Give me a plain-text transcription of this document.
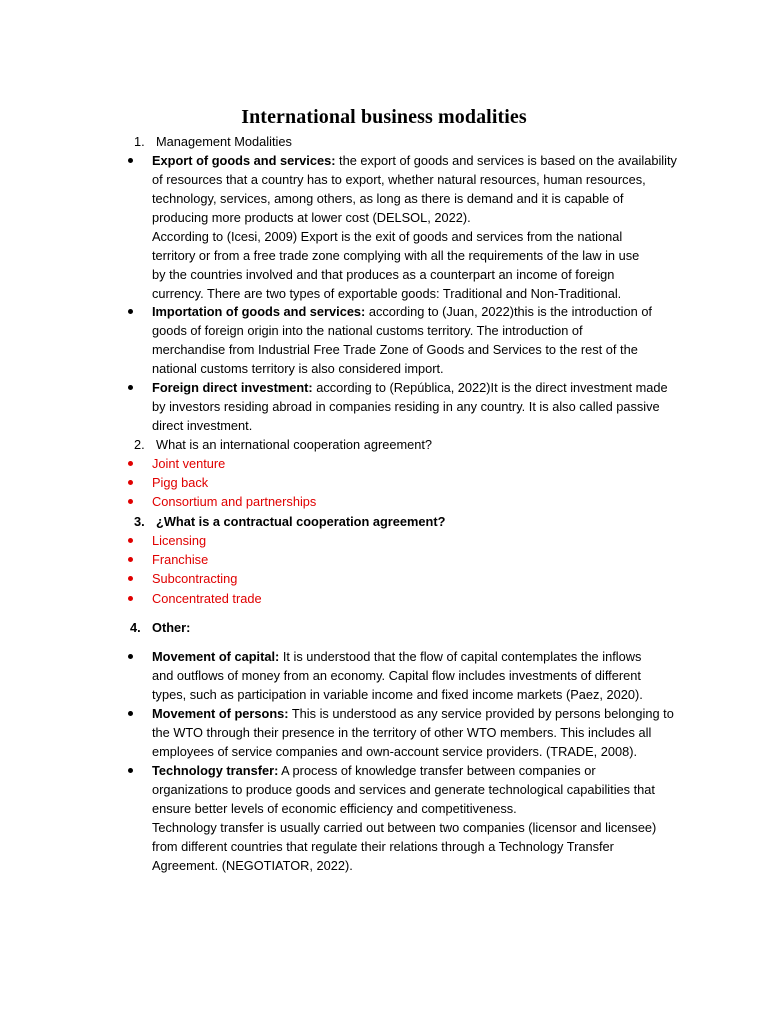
International business modalities
1. Management Modalities
Export of goods and services: the export of goods and services is based on the availability
of resources that a country has to export, whether natural resources, human resources,
technology, services, among others, as long as there is demand and it is capable of
producing more products at lower cost (DELSOL, 2022).
According to (Icesi, 2009) Export is the exit of goods and services from the national
territory or from a free trade zone complying with all the requirements of the law in use
by the countries involved and that produces as a counterpart an income of foreign
currency. There are two types of exportable goods: Traditional and Non-Traditional.
Importation of goods and services: according to (Juan, 2022)this is the introduction of
goods of foreign origin into the national customs territory. The introduction of
merchandise from Industrial Free Trade Zone of Goods and Services to the rest of the
national customs territory is also considered import.
Foreign direct investment: according to (República, 2022)It is the direct investment made
by investors residing abroad in companies residing in any country. It is also called passive
direct investment.
2. What is an international cooperation agreement?
Joint venture
Pigg back
Consortium and partnerships
3. ¿What is a contractual cooperation agreement?
Licensing
Franchise
Subcontracting
Concentrated trade
4. Other:
Movement of capital: It is understood that the flow of capital contemplates the inflows
and outflows of money from an economy. Capital flow includes investments of different
types, such as participation in variable income and fixed income markets (Paez, 2020).
Movement of persons: This is understood as any service provided by persons belonging to
the WTO through their presence in the territory of other WTO members. This includes all
employees of service companies and own-account service providers. (TRADE, 2008).
Technology transfer: A process of knowledge transfer between companies or
organizations to produce goods and services and generate technological capabilities that
ensure better levels of economic efficiency and competitiveness.
Technology transfer is usually carried out between two companies (licensor and licensee)
from different countries that regulate their relations through a Technology Transfer
Agreement. (NEGOTIATOR, 2022).
